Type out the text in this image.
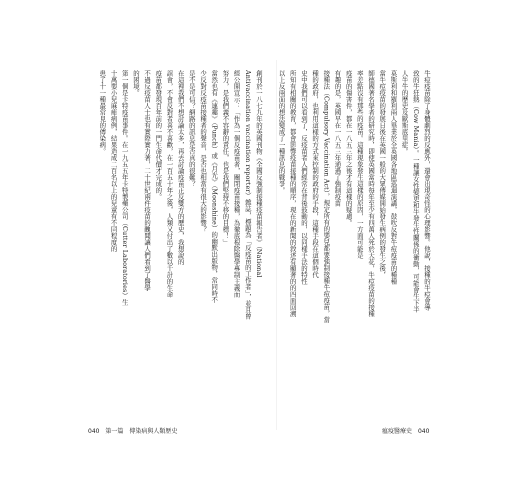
創刊於一八七九年的英國刊物《全國反強制接種疫苗報告者》（National
Antivaccination vaccination reporter）雜誌，標題為「反疫苗的工作者」，並且曾
經公開宣示：「作為一個反疫苗者，關閉疫苗接種，為徹底根除醫學專制主義而
努力，是我們義不容辭的責任，也是我們堅持不移的目標！」
當然也有《連趣》（Punch）或《月光》（Moonshine）的幽默出版物，常同時不
少反對反疫苗接種者的聲音，是否也相當有很大的影響？
是不是可信？網路的訊息是否真的很難？
在這裡我們不想討論太多，再去討論疫苗正反雙方的歷史，我想說的
誤會，不會反對者喜不喜歡，在一百五十年之後，人類又付出了數以千計的生命
疫苗都發現百年前的一門生命代價才完成的。
不過反疫苗人士也有實際實力著，二十世紀兩件疫苗的醜聞讓人們看到了醫學
的困境。
第一個是卡特疫苗事件。在一九五五年卡特製藥公司（Cutter Laboratories）生
十萬嬰小兒麻痺病例，結果造成二百名以上的兒童有不同程度的
患了十一種最常見的傳染病。	牛痘疫苗除了身體劇烈的反應外，還會出現奇怪的心理影響。他說，接種的牛痘會導
致的牛狂熱（Cow Mania）。一種讓女性變更和牛發生性關係的衝動，可能會生下半
人牛牛的歷史及歐斯底里症。
莫斯利和羅利兩人畢業於全英國各地區巡迴演講，鼓吹反對牛痘疫苗的種種
當牛痘疫苗的發展日後在英國一般的大眾傳媒開始發生病例的發生之後，
師德國著名學者的研究時，即使英國當時每年至少有四萬人死於天花，牛痘疫苗的接種
率差點沒有那些的疫苗。這種現象發生這樣的原因，一方面可能是
疫苗的傷害件，都在一八五三年之後才有這樣的疑慮。
有趣的是，英國早在一八五三年通過了強制疫苗
接種法（Compulsory Vaccination Act），規定所有的嬰兒都要強制接種牛痘疫苗，當
種的政府，也利用這樣的方式來控制的政府的手段，這種手段在這個時代
史中我們可以看到了，反疫苗者人們經常在背後鼓動的，以同樣手法的特性
所知有相關的教育，都會影響疫苗接種的順序，現在的新聞的敘述有顯著的的四面回溯
以上反兩面的想法變成了一種訊息的戰爭。
040 第一篇 傳染病與人類歷史	瘟疫醫療史 040
